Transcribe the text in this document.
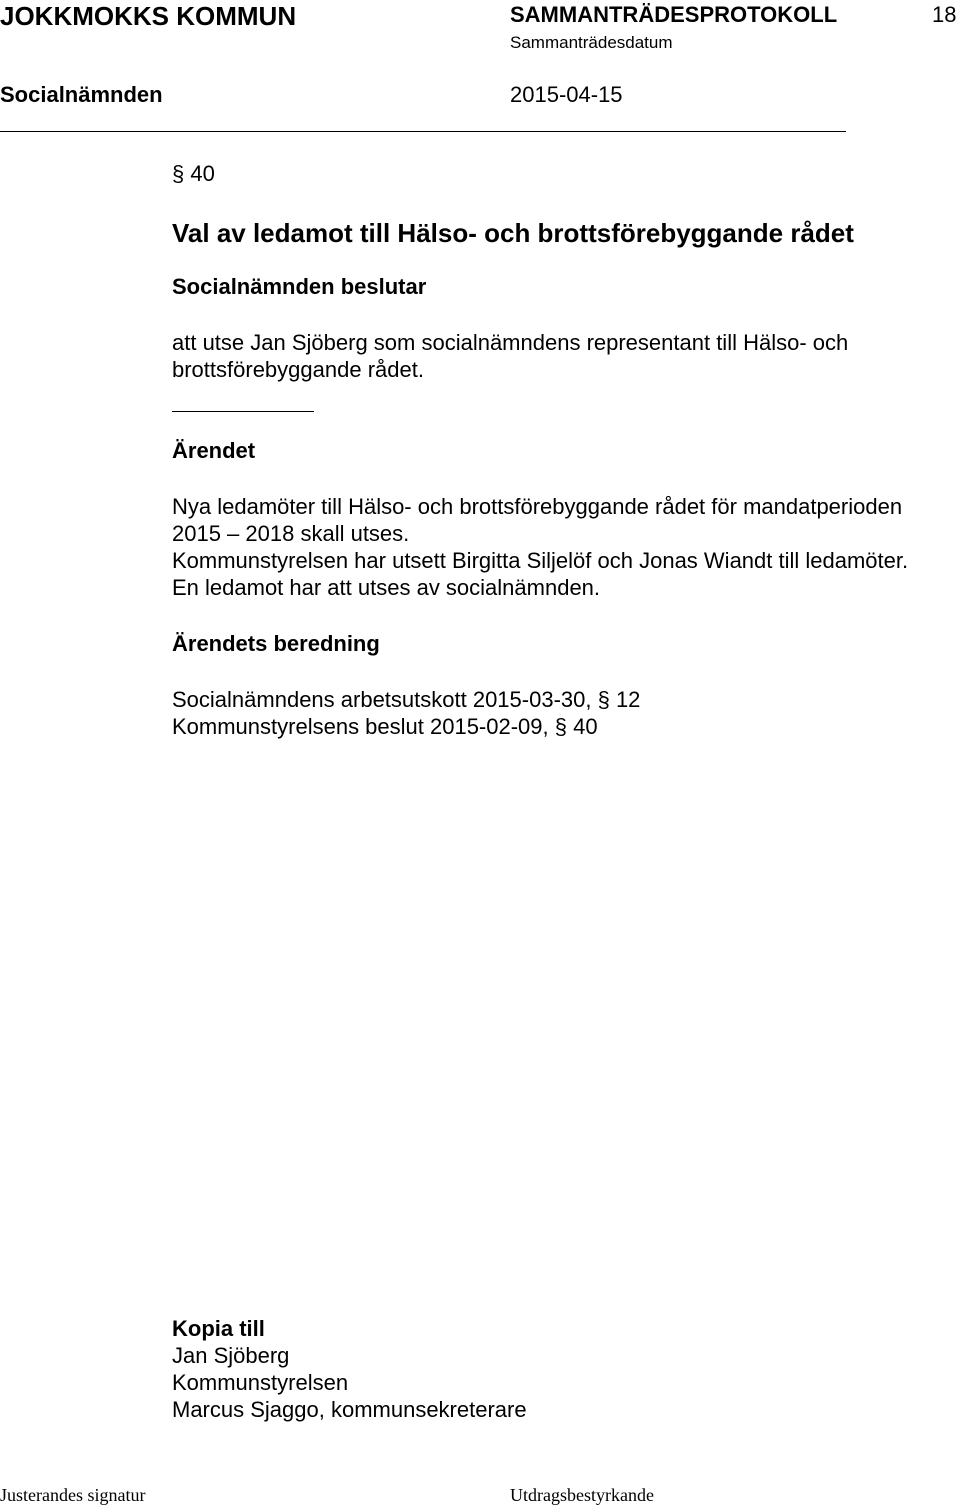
JOKKMOKKS KOMMUN	SAMMANTRÄDESPROTOKOLL	18
Sammanträdesdatum
Socialnämnden	2015-04-15
§ 40
Val av ledamot till Hälso- och brottsförebyggande rådet
Socialnämnden beslutar
att utse Jan Sjöberg som socialnämndens representant till Hälso- och brottsförebyggande rådet.
Ärendet
Nya ledamöter till Hälso- och brottsförebyggande rådet för mandatperioden 2015 – 2018 skall utses.
Kommunstyrelsen har utsett Birgitta Siljelöf och Jonas Wiandt till ledamöter. En ledamot har att utses av socialnämnden.
Ärendets beredning
Socialnämndens arbetsutskott 2015-03-30, § 12
Kommunstyrelsens beslut 2015-02-09, § 40
Kopia till
Jan Sjöberg
Kommunstyrelsen
Marcus Sjaggo, kommunsekreterare
Justerandes signatur	Utdragsbestyrkande
